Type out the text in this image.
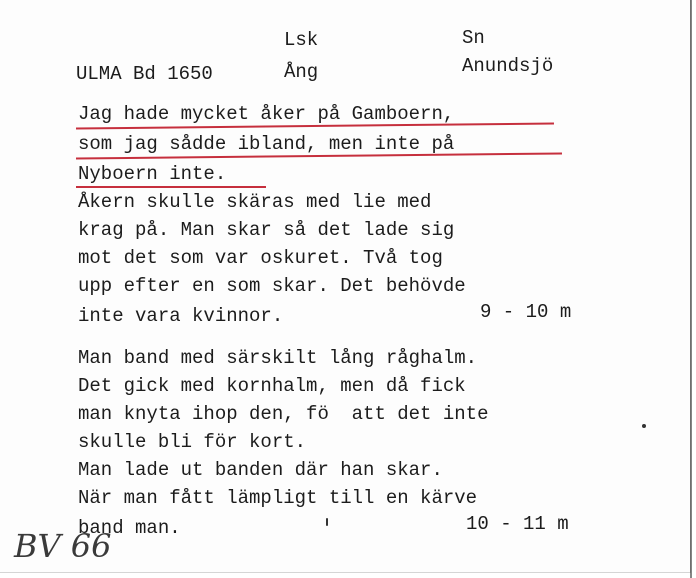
Lsk	Sn
ULMA Bd 1650	Ång	Anundsjö
Jag hade mycket åker på Gamboern,
som jag sådde ibland, men inte på
Nyboern inte.
Åkern skulle skäras med lie med
krag på. Man skar så det lade sig
mot det som var oskuret. Två tog
upp efter en som skar. Det behövde
inte vara kvinnor.	9 - 10 m
Man band med särskilt lång råghalm.
Det gick med kornhalm, men då fick
man knyta ihop den, fö  att det inte
skulle bli för kort.
Man lade ut banden där han skar.
När man fått lämpligt till en kärve
band man.	10 - 11 m
BV 66
